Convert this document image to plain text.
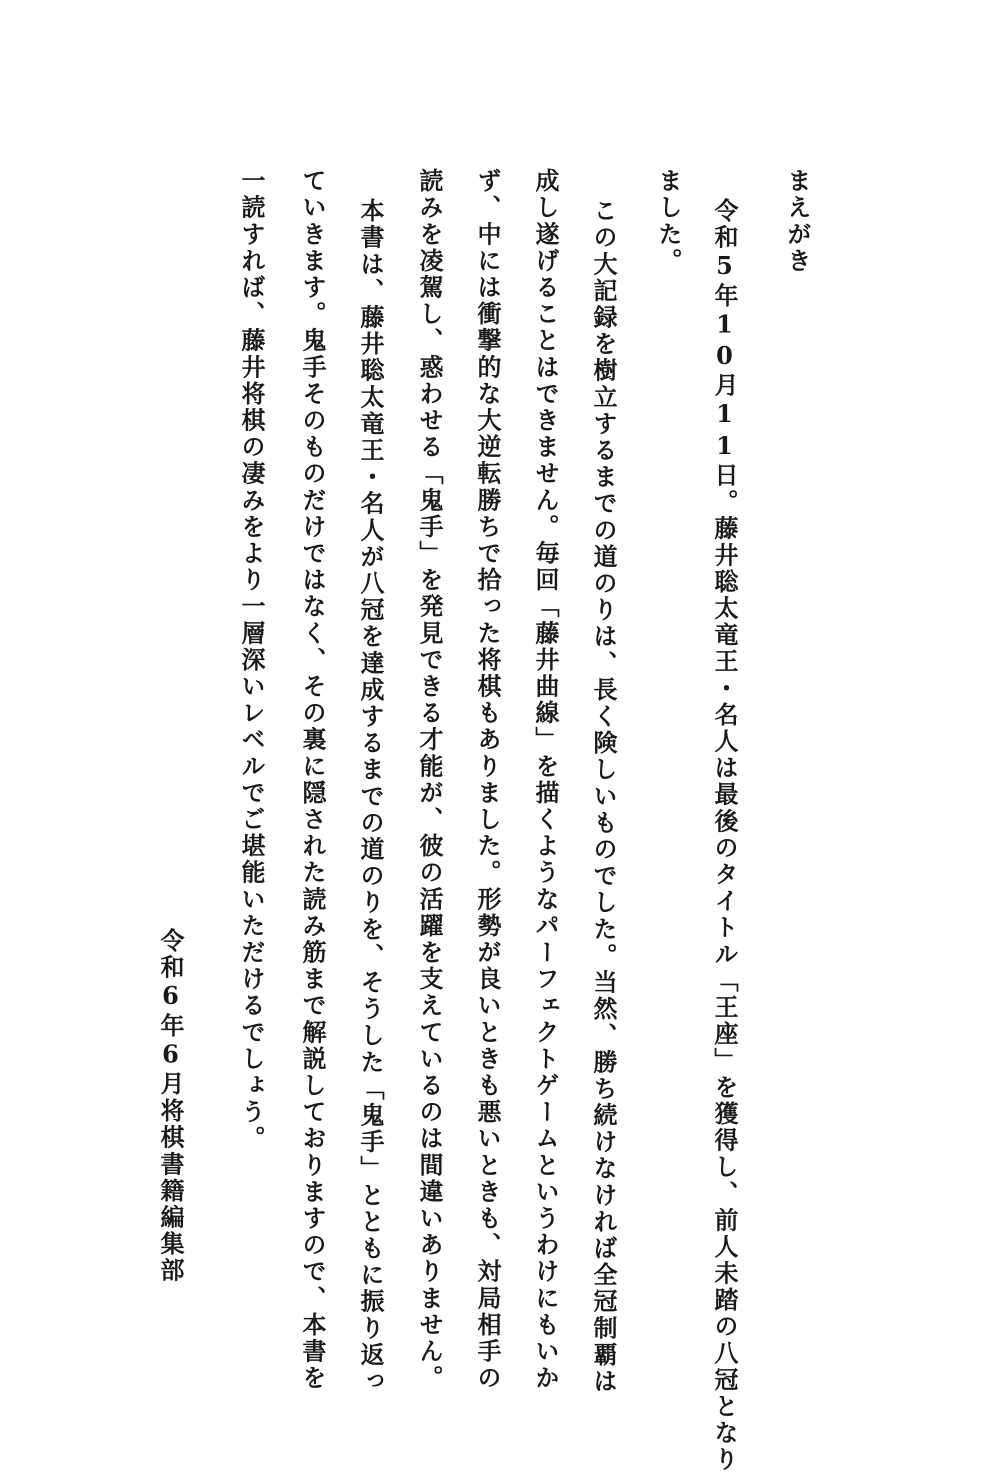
まえがき
令和5年10月11日。藤井聡太竜王・名人は最後のタイトル「王座」を獲得し、前人未踏の八冠となり
ました。
この大記録を樹立するまでの道のりは、長く険しいものでした。当然、勝ち続けなければ全冠制覇は
成し遂げることはできません。毎回「藤井曲線」を描くようなパーフェクトゲームというわけにもいか
ず、中には衝撃的な大逆転勝ちで拾った将棋もありました。形勢が良いときも悪いときも、対局相手の
読みを凌駕し、惑わせる「鬼手」を発見できる才能が、彼の活躍を支えているのは間違いありません。
本書は、藤井聡太竜王・名人が八冠を達成するまでの道のりを、そうした「鬼手」とともに振り返っ
ていきます。鬼手そのものだけではなく、その裏に隠された読み筋まで解説しておりますので、本書を
一読すれば、藤井将棋の凄みをより一層深いレベルでご堪能いただけるでしょう。
令和6年6月
将棋書籍編集部
